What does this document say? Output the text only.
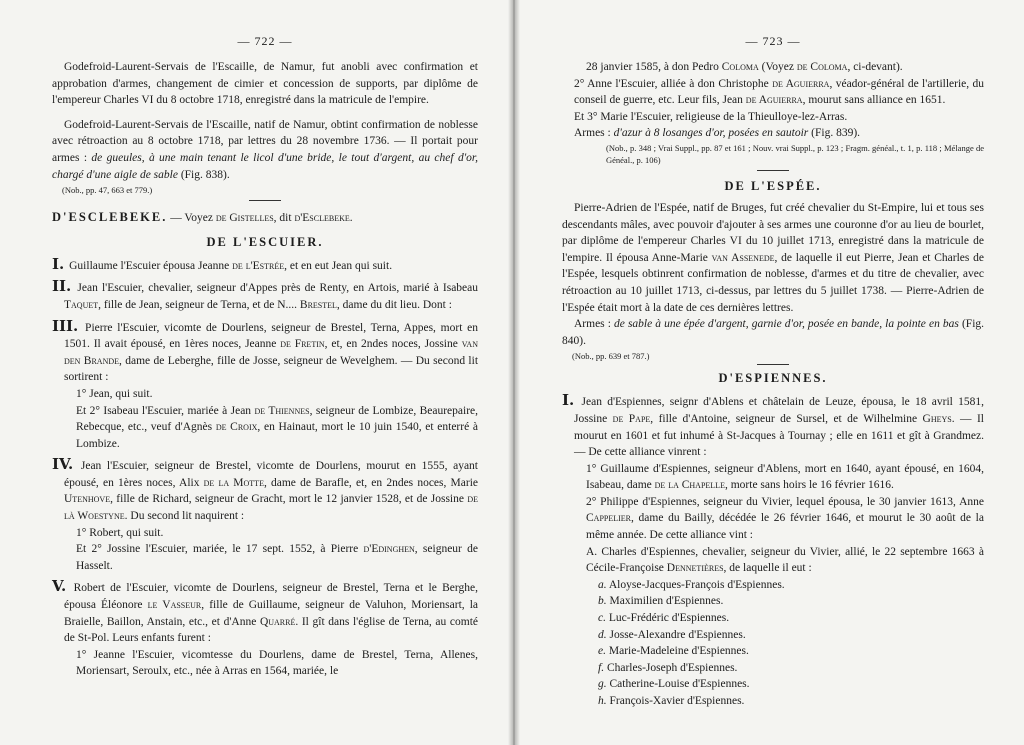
— 722 —

Godefroid-Laurent-Servais de l'Escaille, de Namur, fut anobli avec confirmation et approbation d'armes, changement de cimier et concession de supports, par diplôme de l'empereur Charles VI du 8 octobre 1718, enregistré dans la matricule de l'empire.

Godefroid-Laurent-Servais de l'Escaille, natif de Namur, obtint confirmation de noblesse avec rétroaction au 8 octobre 1718, par lettres du 28 novembre 1736. — Il portait pour armes : de gueules, à une main tenant le licol d'une bride, le tout d'argent, au chef d'or, chargé d'une aigle de sable (Fig. 838).

(Nob., pp. 47, 663 et 779.)

D'ESCLEBEKE. — Voyez de Gistelles, dit d'Esclebeke.

DE L'ESCUIER.

I. Guillaume l'Escuier épousa Jeanne de l'Estrée, et en eut Jean qui suit.

II. Jean l'Escuier, chevalier, seigneur d'Appes près de Renty, en Artois, marié à Isabeau Taquet, fille de Jean, seigneur de Terna, et de N.... Brestel, dame du dit lieu. Dont :

III. Pierre l'Escuier, vicomte de Dourlens, seigneur de Brestel, Terna, Appes, mort en 1501. Il avait épousé, en 1ères noces, Jeanne de Fretin, et, en 2ndes noces, Jossine van den Brande, dame de Leberghe, fille de Josse, seigneur de Wevelghem. — Du second lit sortirent :

1° Jean, qui suit.

Et 2° Isabeau l'Escuier, mariée à Jean de Thiennes, seigneur de Lombize, Beaurepaire, Rebecque, etc., veuf d'Agnès de Croix, en Hainaut, mort le 10 juin 1540, et enterré à Lombize.

IV. Jean l'Escuier, seigneur de Brestel, vicomte de Dourlens, mourut en 1555, ayant épousé, en 1ères noces, Alix de la Motte, dame de Barafle, et, en 2ndes noces, Marie Utenhove, fille de Richard, seigneur de Gracht, mort le 12 janvier 1528, et de Jossine de là Woestyne. Du second lit naquirent :

1° Robert, qui suit.

Et 2° Jossine l'Escuier, mariée, le 17 sept. 1552, à Pierre d'Edinghen, seigneur de Hasselt.

V. Robert de l'Escuier, vicomte de Dourlens, seigneur de Brestel, Terna et le Berghe, épousa Éléonore le Vasseur, fille de Guillaume, seigneur de Valuhon, Moriensart, la Braielle, Baillon, Anstain, etc., et d'Anne Quarré. Il gît dans l'église de Terna, au comté de St-Pol. Leurs enfants furent :

1° Jeanne l'Escuier, vicomtesse du Dourlens, dame de Brestel, Terna, Allenes, Moriensart, Seroulx, etc., née à Arras en 1564, mariée, le

— 723 —

28 janvier 1585, à don Pedro Coloma (Voyez de Coloma, ci-devant).

2° Anne l'Escuier, alliée à don Christophe de Aguierra, véador-général de l'artillerie, du conseil de guerre, etc. Leur fils, Jean de Aguierra, mourut sans alliance en 1651.

Et 3° Marie l'Escuier, religieuse de la Thieulloye-lez-Arras.

Armes : d'azur à 8 losanges d'or, posées en sautoir (Fig. 839).

(Nob., p. 348 ; Vrai Suppl., pp. 87 et 161 ; Nouv. vrai Suppl., p. 123 ; Fragm. généal., t. 1, p. 118 ; Mélange de Généal., p. 106)

DE L'ESPÉE.

Pierre-Adrien de l'Espée, natif de Bruges, fut créé chevalier du St-Empire, lui et tous ses descendants mâles, avec pouvoir d'ajouter à ses armes une couronne d'or au lieu de bourlet, par diplôme de l'empereur Charles VI du 10 juillet 1713, enregistré dans la matricule de l'empire. Il épousa Anne-Marie van Assenede, de laquelle il eut Pierre, Jean et Charles de l'Espée, lesquels obtinrent confirmation de noblesse, d'armes et du titre de chevalier, avec rétroaction au 10 juillet 1713, ci-dessus, par lettres du 5 juillet 1738. — Pierre-Adrien de l'Espée était mort à la date de ces dernières lettres.

Armes : de sable à une épée d'argent, garnie d'or, posée en bande, la pointe en bas (Fig. 840).

(Nob., pp. 639 et 787.)

D'ESPIENNES.

I. Jean d'Espiennes, seignr d'Ablens et châtelain de Leuze, épousa, le 18 avril 1581, Jossine de Pape, fille d'Antoine, seigneur de Sursel, et de Wilhelmine Gheys. — Il mourut en 1601 et fut inhumé à St-Jacques à Tournay ; elle en 1611 et gît à Grandmez. — De cette alliance vinrent :

1° Guillaume d'Espiennes, seigneur d'Ablens, mort en 1640, ayant épousé, en 1604, Isabeau, dame de la Chapelle, morte sans hoirs le 16 février 1616.

2° Philippe d'Espiennes, seigneur du Vivier, lequel épousa, le 30 janvier 1613, Anne Cappelier, dame du Bailly, décédée le 26 février 1646, et mourut le 30 août de la même année. De cette alliance vint :

A. Charles d'Espiennes, chevalier, seigneur du Vivier, allié, le 22 septembre 1663 à Cécile-Françoise Dennetières, de laquelle il eut :

a. Aloyse-Jacques-François d'Espiennes.

b. Maximilien d'Espiennes.

c. Luc-Frédéric d'Espiennes.

d. Josse-Alexandre d'Espiennes.

e. Marie-Madeleine d'Espiennes.

f. Charles-Joseph d'Espiennes.

g. Catherine-Louise d'Espiennes.

h. François-Xavier d'Espiennes.
